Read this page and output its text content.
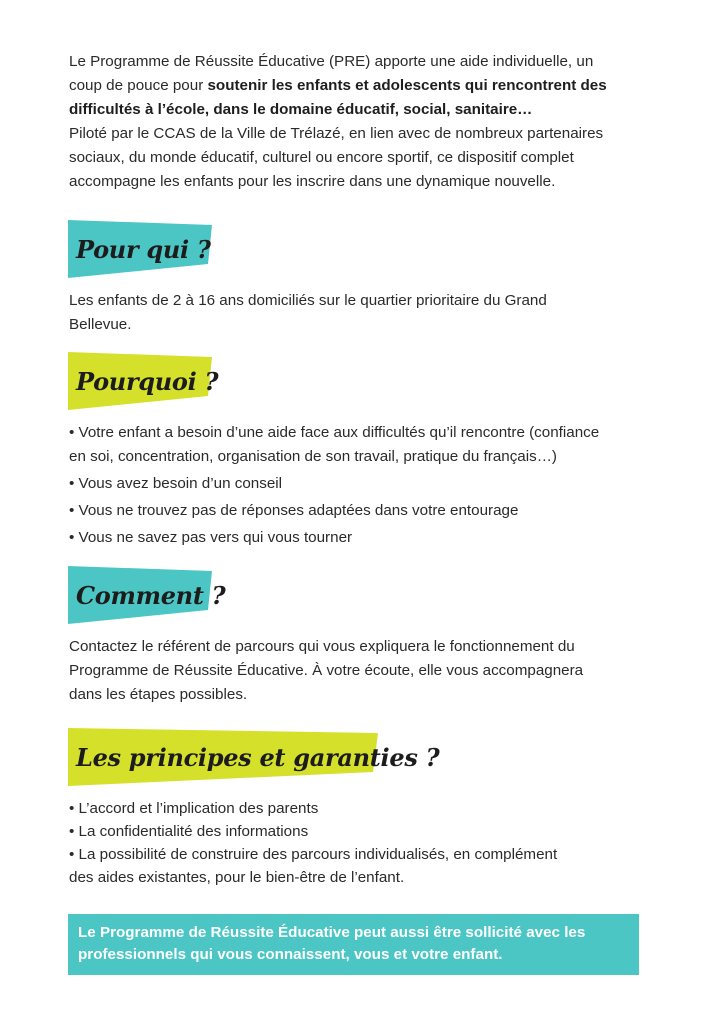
Le Programme de Réussite Éducative (PRE) apporte une aide individuelle, un
coup de pouce pour soutenir les enfants et adolescents qui rencontrent des
difficultés à l’école, dans le domaine éducatif, social, sanitaire…
Piloté par le CCAS de la Ville de Trélazé, en lien avec de nombreux partenaires
sociaux, du monde éducatif, culturel ou encore sportif, ce dispositif complet
accompagne les enfants pour les inscrire dans une dynamique nouvelle.
Pour qui ?
Les enfants de 2 à 16 ans domiciliés sur le quartier prioritaire du Grand
Bellevue.
Pourquoi ?
• Votre enfant a besoin d’une aide face aux difficultés qu’il rencontre (confiance
en soi, concentration, organisation de son travail, pratique du français…)
• Vous avez besoin d’un conseil
• Vous ne trouvez pas de réponses adaptées dans votre entourage
• Vous ne savez pas vers qui vous tourner
Comment ?
Contactez le référent de parcours qui vous expliquera le fonctionnement du
Programme de Réussite Éducative. À votre écoute, elle vous accompagnera
dans les étapes possibles.
Les principes et garanties ?
• L’accord et l’implication des parents
• La confidentialité des informations
• La possibilité de construire des parcours individualisés, en complément
des aides existantes, pour le bien-être de l’enfant.
Le Programme de Réussite Éducative peut aussi être sollicité avec les
professionnels qui vous connaissent, vous et votre enfant.
